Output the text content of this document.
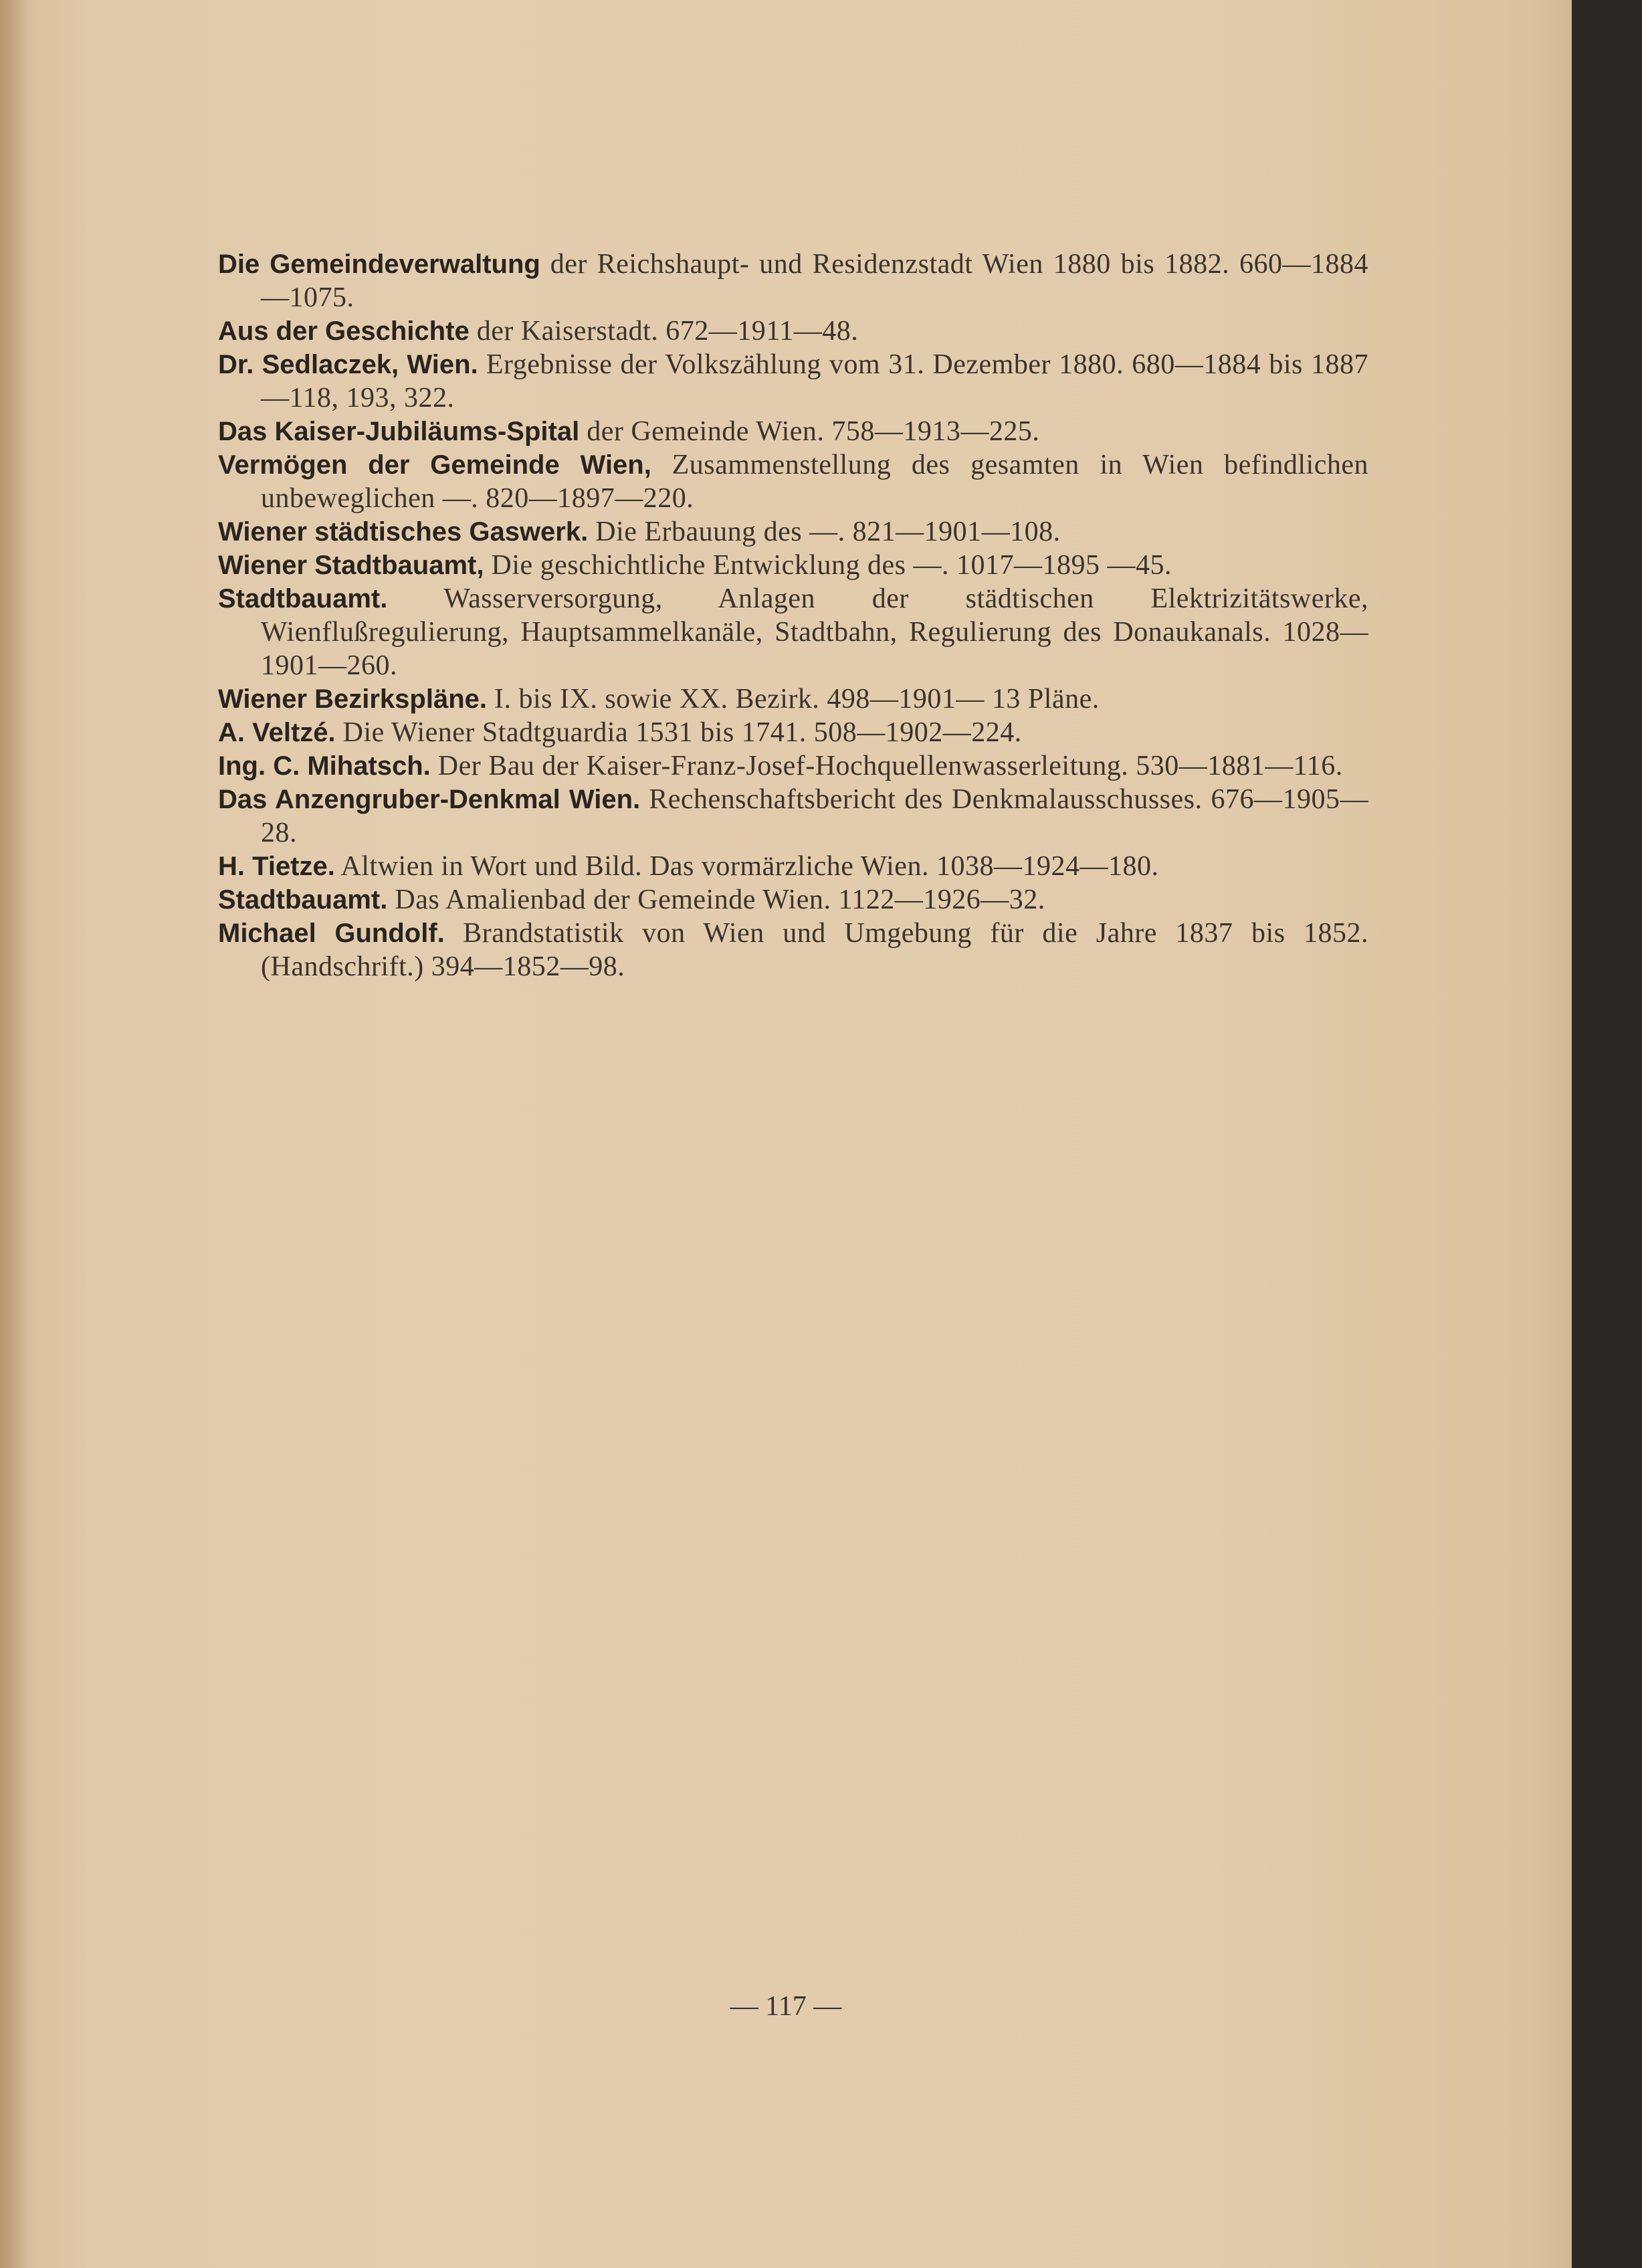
Die Gemeindeverwaltung der Reichshaupt- und Residenzstadt Wien 1880 bis 1882. 660—1884—1075.

Aus der Geschichte der Kaiserstadt. 672—1911—48.

Dr. Sedlaczek, Wien. Ergebnisse der Volkszählung vom 31. Dezember 1880. 680—1884 bis 1887—118, 193, 322.

Das Kaiser-Jubiläums-Spital der Gemeinde Wien. 758—1913—225.

Vermögen der Gemeinde Wien, Zusammenstellung des gesamten in Wien befindlichen unbeweglichen —. 820—1897—220.

Wiener städtisches Gaswerk. Die Erbauung des —. 821—1901—108.

Wiener Stadtbauamt, Die geschichtliche Entwicklung des —. 1017—1895 —45.

Stadtbauamt. Wasserversorgung, Anlagen der städtischen Elektrizitätswerke, Wienflußregulierung, Hauptsammelkanäle, Stadtbahn, Regulierung des Donaukanals. 1028—1901—260.

Wiener Bezirkspläne. I. bis IX. sowie XX. Bezirk. 498—1901— 13 Pläne.

A. Veltzé. Die Wiener Stadtguardia 1531 bis 1741. 508—1902—224.

Ing. C. Mihatsch. Der Bau der Kaiser-Franz-Josef-Hochquellenwasserleitung. 530—1881—116.

Das Anzengruber-Denkmal Wien. Rechenschaftsbericht des Denkmalausschusses. 676—1905—28.

H. Tietze. Altwien in Wort und Bild. Das vormärzliche Wien. 1038—1924—180.

Stadtbauamt. Das Amalienbad der Gemeinde Wien. 1122—1926—32.

Michael Gundolf. Brandstatistik von Wien und Umgebung für die Jahre 1837 bis 1852. (Handschrift.) 394—1852—98.

— 117 —
